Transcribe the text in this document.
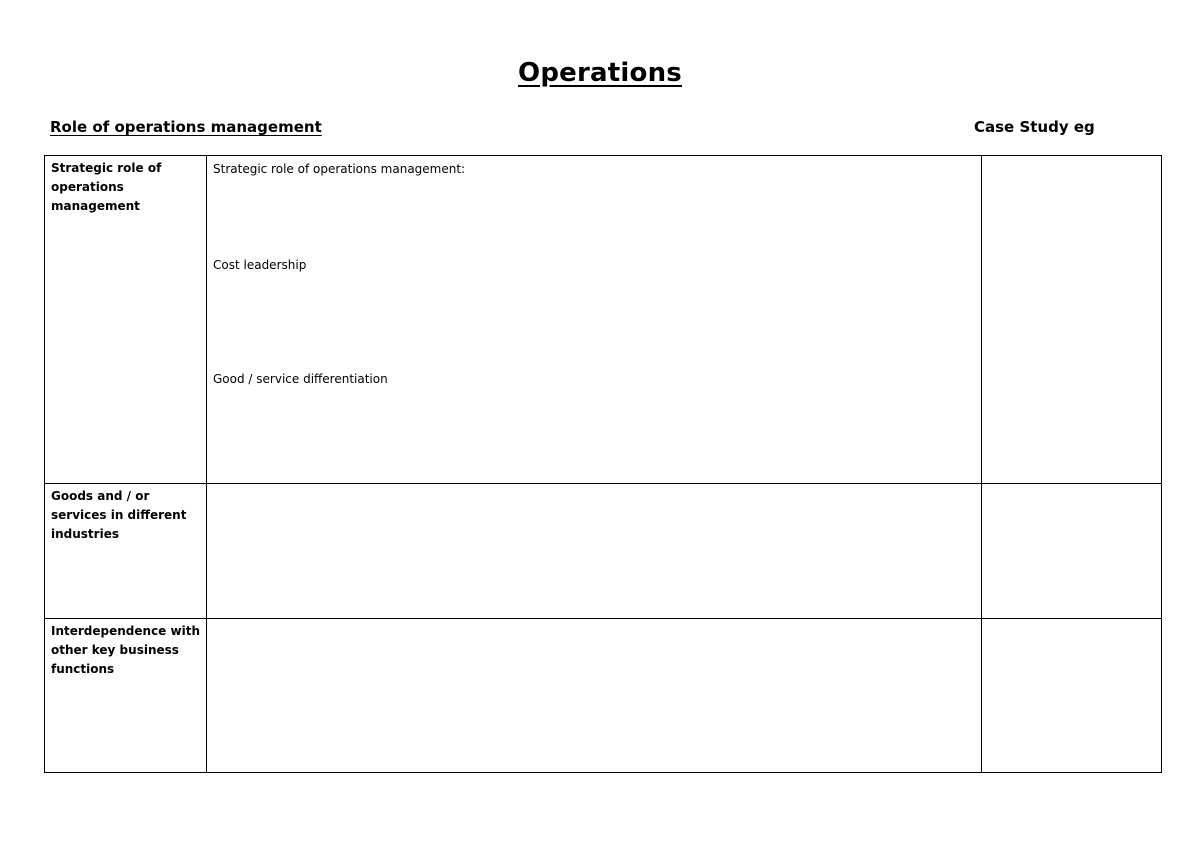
Operations
Role of operations management	Case Study eg
Strategic role of operations management	Strategic role of operations management:
Cost leadership
Good / service differentiation	

Goods and / or services in different industries		

Interdependence with other key business functions		
